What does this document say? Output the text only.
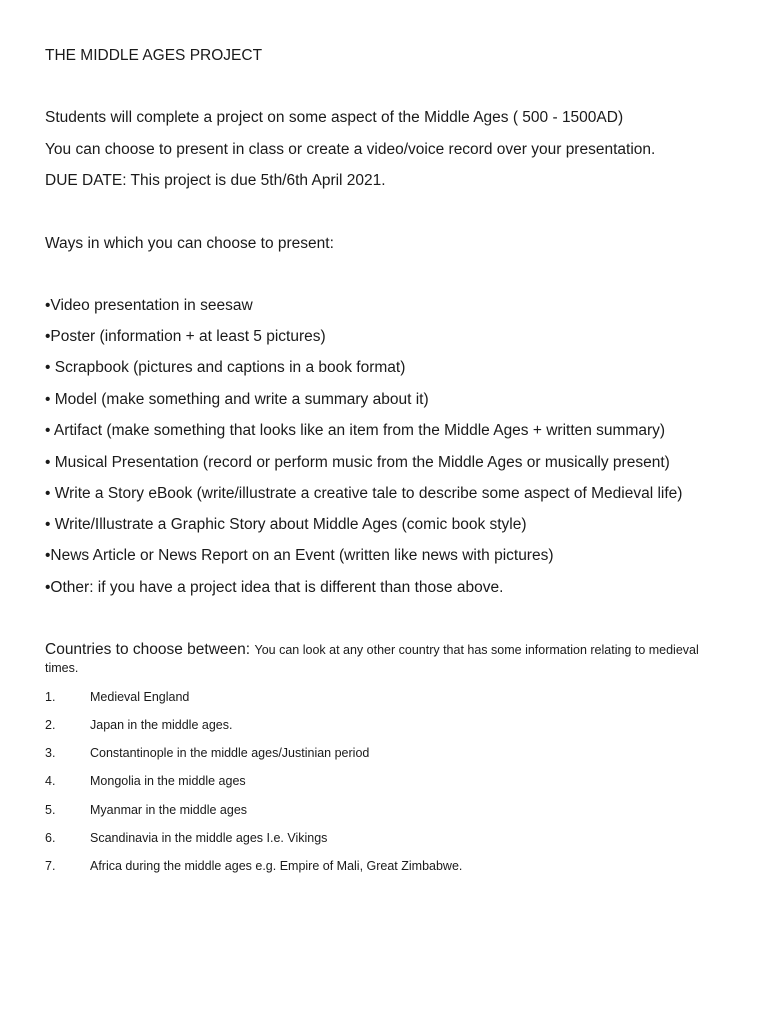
THE MIDDLE AGES PROJECT
Students will complete a project on some aspect of the Middle Ages ( 500 - 1500AD)
You can choose to present in class or create a video/voice record over your presentation.
DUE DATE: This project is due 5th/6th April 2021.
Ways in which you can choose to present:
•Video presentation in seesaw
•Poster (information + at least 5 pictures)
• Scrapbook (pictures and captions in a book format)
• Model (make something and write a summary about it)
• Artifact (make something that looks like an item from the Middle Ages + written summary)
• Musical Presentation (record or perform music from the Middle Ages or musically present)
• Write a Story eBook (write/illustrate a creative tale to describe some aspect of Medieval life)
• Write/Illustrate a Graphic Story about Middle Ages (comic book style)
•News Article or News Report on an Event (written like news with pictures)
•Other: if you have a project idea that is different than those above.
Countries to choose between: You can look at any other country that has some information relating to medieval times.
1.	Medieval England
2.	Japan in the middle ages.
3.	Constantinople in the middle ages/Justinian period
4.	Mongolia in the middle ages
5.	Myanmar in the middle ages
6.	Scandinavia in the middle ages I.e. Vikings
7.	Africa during the middle ages e.g. Empire of Mali, Great Zimbabwe.
